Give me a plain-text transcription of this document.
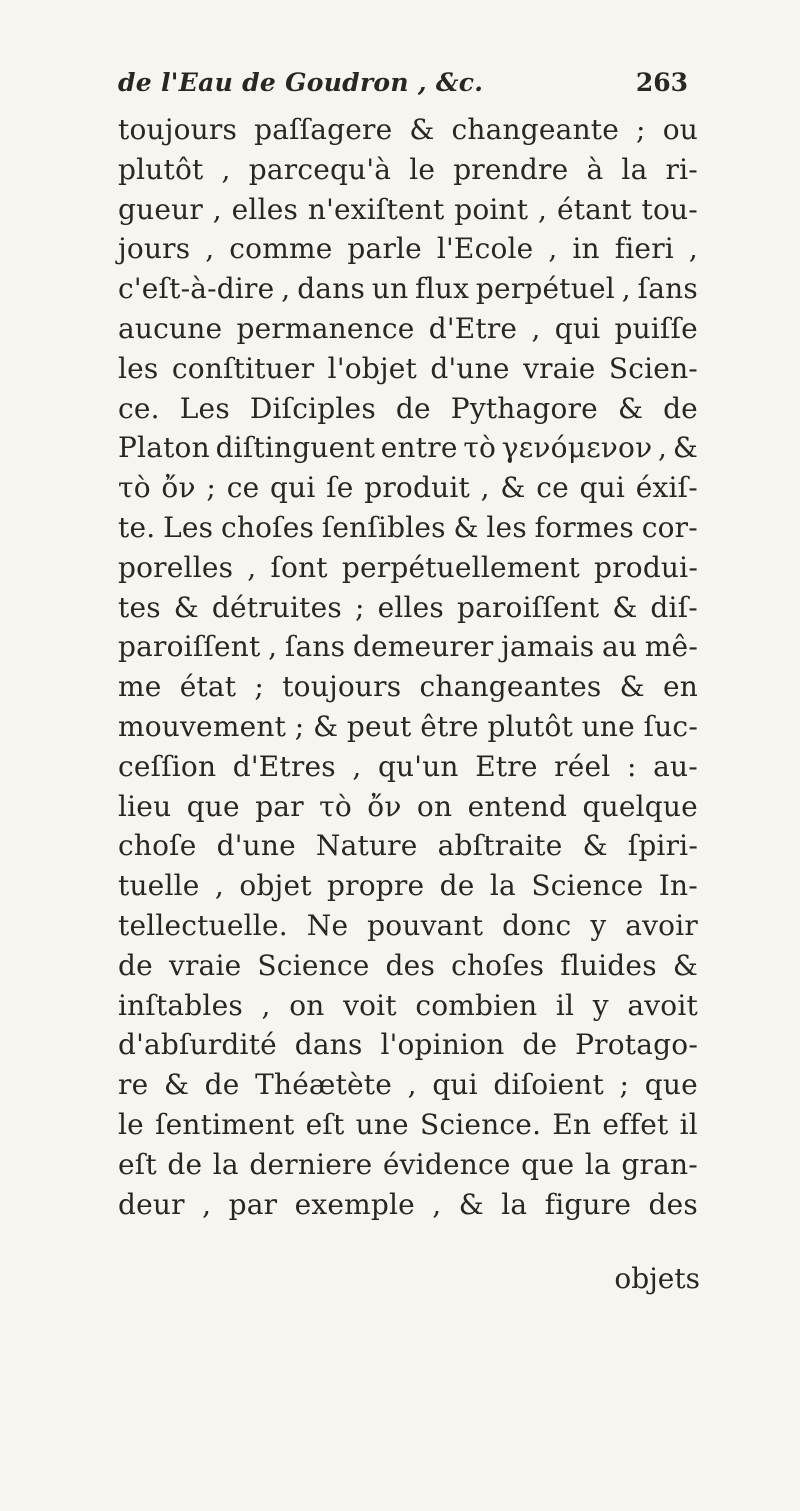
de l'Eau de Goudron , &c.	263
toujours paſſagere & changeante ; ou
plutôt , parcequ'à le prendre à la ri-
gueur , elles n'exiſtent point , étant tou-
jours , comme parle l'Ecole , in fieri ,
c'eſt-à-dire , dans un flux perpétuel , ſans
aucune permanence d'Etre , qui puiſſe
les conſtituer l'objet d'une vraie Scien-
ce. Les Diſciples de Pythagore & de
Platon diſtinguent entre τὸ γενόμενον , &
τὸ ὄν ; ce qui ſe produit , & ce qui éxiſ-
te. Les choſes ſenſibles & les formes cor-
porelles , ſont perpétuellement produi-
tes & détruites ; elles paroiſſent & diſ-
paroiſſent , ſans demeurer jamais au mê-
me état ; toujours changeantes & en
mouvement ; & peut être plutôt une ſuc-
ceſſion d'Etres , qu'un Etre réel : au-
lieu que par τὸ ὄν on entend quelque
choſe d'une Nature abſtraite & ſpiri-
tuelle , objet propre de la Science In-
tellectuelle. Ne pouvant donc y avoir
de vraie Science des choſes fluides &
inſtables , on voit combien il y avoit
d'abſurdité dans l'opinion de Protago-
re & de Théætète , qui diſoient ; que
le ſentiment eſt une Science. En effet il
eſt de la derniere évidence que la gran-
deur , par exemple , & la figure des
objets
